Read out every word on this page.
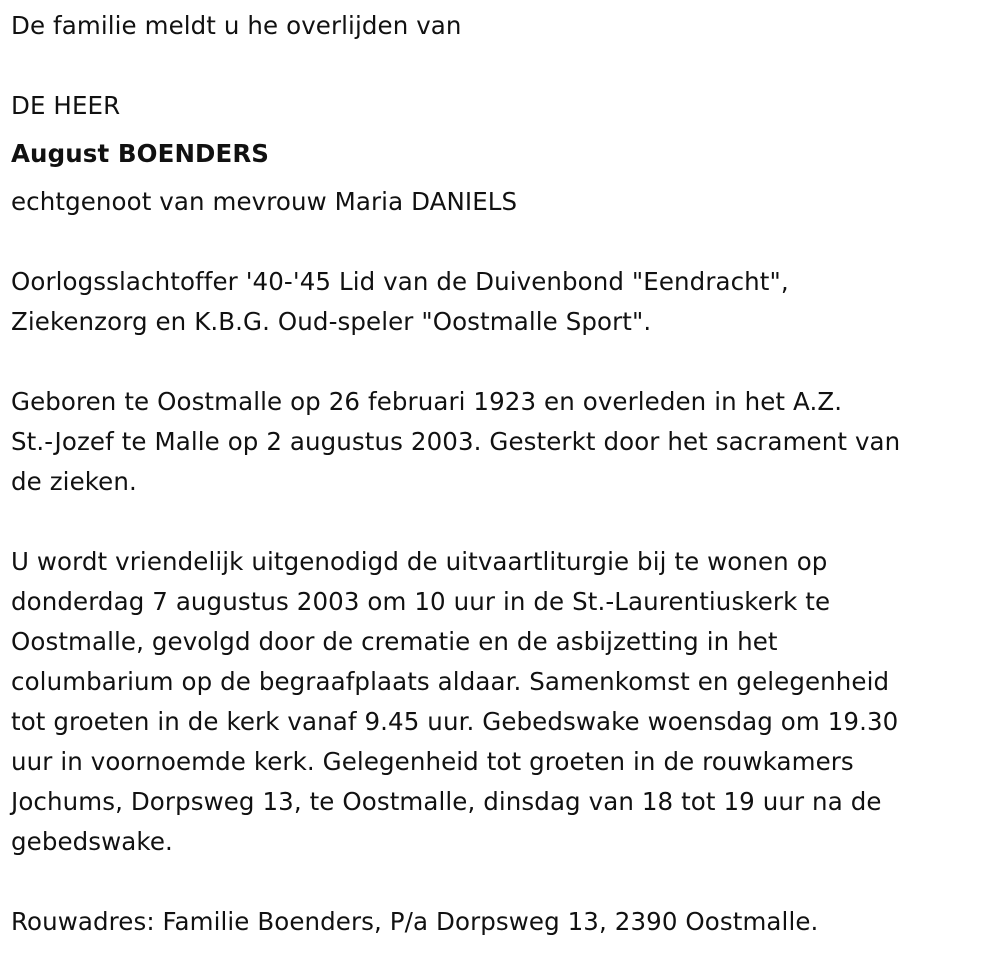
De familie meldt u he overlijden van
DE HEER
August BOENDERS
echtgenoot van mevrouw Maria DANIELS
Oorlogsslachtoffer '40-'45 Lid van de Duivenbond "Eendracht",
Ziekenzorg en K.B.G. Oud-speler "Oostmalle Sport".
Geboren te Oostmalle op 26 februari 1923 en overleden in het A.Z.
St.-Jozef te Malle op 2 augustus 2003. Gesterkt door het sacrament van
de zieken.
U wordt vriendelijk uitgenodigd de uitvaartliturgie bij te wonen op
donderdag 7 augustus 2003 om 10 uur in de St.-Laurentiuskerk te
Oostmalle, gevolgd door de crematie en de asbijzetting in het
columbarium op de begraafplaats aldaar. Samenkomst en gelegenheid
tot groeten in de kerk vanaf 9.45 uur. Gebedswake woensdag om 19.30
uur in voornoemde kerk. Gelegenheid tot groeten in de rouwkamers
Jochums, Dorpsweg 13, te Oostmalle, dinsdag van 18 tot 19 uur na de
gebedswake.
Rouwadres: Familie Boenders, P/a Dorpsweg 13, 2390 Oostmalle.
